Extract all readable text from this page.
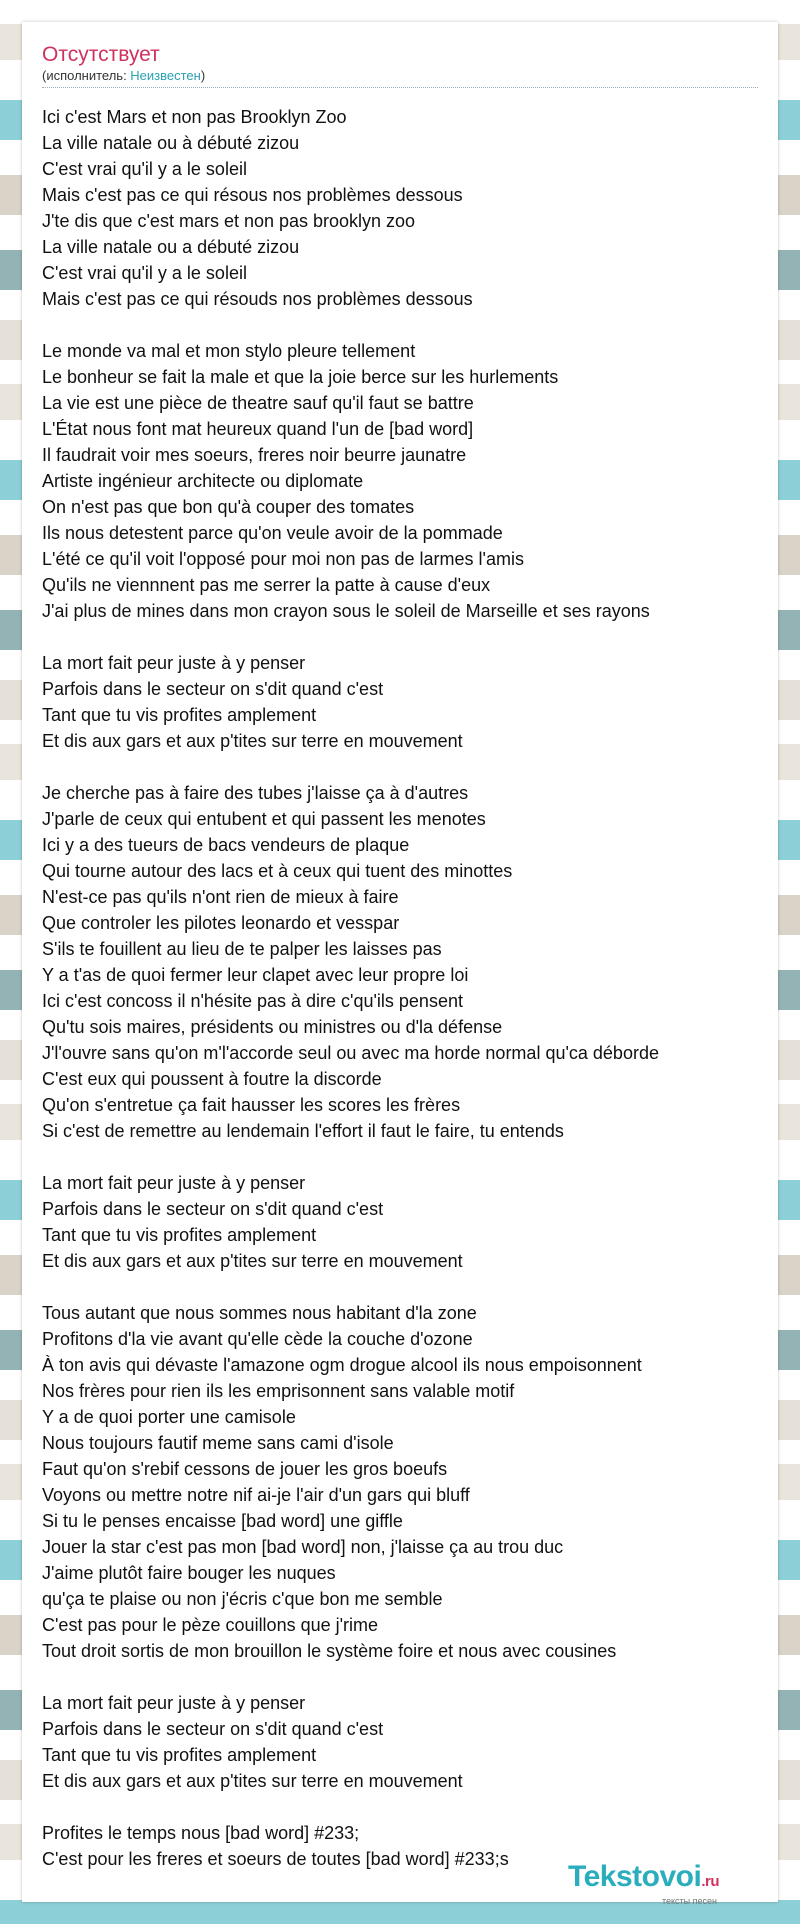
Отсутствует
(исполнитель: Неизвестен)
Ici c'est Mars et non pas Brooklyn Zoo
La ville natale ou à débuté zizou
C'est vrai qu'il y a le soleil
Mais c'est pas ce qui résous nos problèmes dessous
J'te dis que c'est mars et non pas brooklyn zoo
La ville natale ou a débuté zizou
C'est vrai qu'il y a le soleil
Mais c'est pas ce qui résouds nos problèmes dessous
Le monde va mal et mon stylo pleure tellement
Le bonheur se fait la male et que la joie berce sur les hurlements
La vie est une pièce de theatre sauf qu'il faut se battre
L'État nous font mat heureux quand l'un de [bad word]
Il faudrait voir mes soeurs, freres noir beurre jaunatre
Artiste ingénieur architecte ou diplomate
On n'est pas que bon qu'à couper des tomates
Ils nous detestent parce qu'on veule avoir de la pommade
L'été ce qu'il voit l'opposé pour moi non pas de larmes l'amis
Qu'ils ne viennnent pas me serrer la patte à cause d'eux
J'ai plus de mines dans mon crayon sous le soleil de Marseille et ses rayons
La mort fait peur juste à y penser
Parfois dans le secteur on s'dit quand c'est
Tant que tu vis profites amplement
Et dis aux gars et aux p'tites sur terre en mouvement
Je cherche pas à faire des tubes j'laisse ça à d'autres
J'parle de ceux qui entubent et qui passent les menotes
Ici y a des tueurs de bacs vendeurs de plaque
Qui tourne autour des lacs et à ceux qui tuent des minottes
N'est-ce pas qu'ils n'ont rien de mieux à faire
Que controler les pilotes leonardo et vesspar
S'ils te fouillent au lieu de te palper les laisses pas
Y a t'as de quoi fermer leur clapet avec leur propre loi
Ici c'est concoss il n'hésite pas à dire c'qu'ils pensent
Qu'tu sois maires, présidents ou ministres ou d'la défense
J'l'ouvre sans qu'on m'l'accorde seul ou avec ma horde normal qu'ca déborde
C'est eux qui poussent à foutre la discorde
Qu'on s'entretue ça fait hausser les scores les frères
Si c'est de remettre au lendemain l'effort il faut le faire, tu entends
La mort fait peur juste à y penser
Parfois dans le secteur on s'dit quand c'est
Tant que tu vis profites amplement
Et dis aux gars et aux p'tites sur terre en mouvement
Tous autant que nous sommes nous habitant d'la zone
Profitons d'la vie avant qu'elle cède la couche d'ozone
À ton avis qui dévaste l'amazone ogm drogue alcool ils nous empoisonnent
Nos frères pour rien ils les emprisonnent sans valable motif
Y a de quoi porter une camisole
Nous toujours fautif meme sans cami d'isole
Faut qu'on s'rebif cessons de jouer les gros boeufs
Voyons ou mettre notre nif ai-je l'air d'un gars qui bluff
Si tu le penses encaisse [bad word] une giffle
Jouer la star c'est pas mon [bad word] non, j'laisse ça au trou duc
J'aime plutôt faire bouger les nuques
qu'ça te plaise ou non j'écris c'que bon me semble
C'est pas pour le pèze couillons que j'rime
Tout droit sortis de mon brouillon le système foire et nous avec cousines
La mort fait peur juste à y penser
Parfois dans le secteur on s'dit quand c'est
Tant que tu vis profites amplement
Et dis aux gars et aux p'tites sur terre en mouvement
Profites le temps nous [bad word] #233;
C'est pour les freres et soeurs de toutes [bad word] #233;s
Tekstovoi.ru
тексты песен
